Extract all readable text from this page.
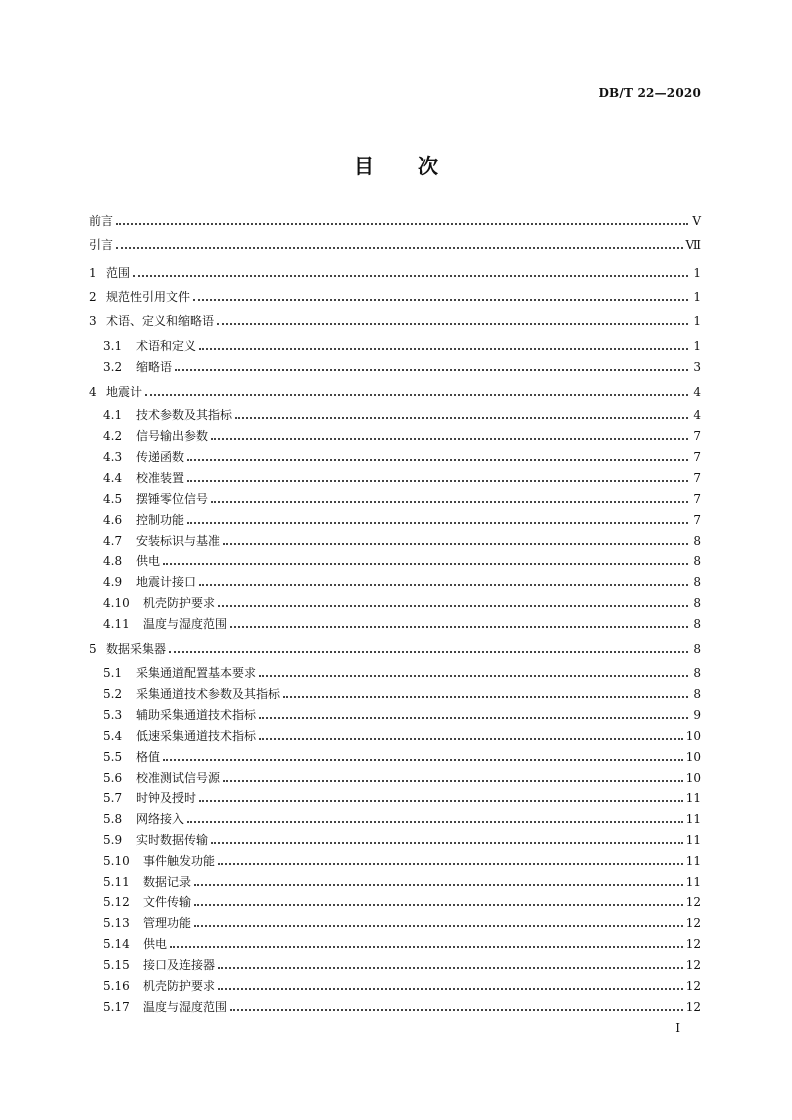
DB/T 22—2020
目 次
前言	Ⅴ
引言	Ⅶ
1 范围	1
2 规范性引用文件	1
3 术语、定义和缩略语	1
3.1	术语和定义	1
3.2	缩略语	3
4 地震计	4
4.1	技术参数及其指标	4
4.2	信号输出参数	7
4.3	传递函数	7
4.4	校准装置	7
4.5	摆锤零位信号	7
4.6	控制功能	7
4.7	安装标识与基准	8
4.8	供电	8
4.9	地震计接口	8
4.10	机壳防护要求	8
4.11	温度与湿度范围	8
5 数据采集器	8
5.1	采集通道配置基本要求	8
5.2	采集通道技术参数及其指标	8
5.3	辅助采集通道技术指标	9
5.4	低速采集通道技术指标	10
5.5	格值	10
5.6	校准测试信号源	10
5.7	时钟及授时	11
5.8	网络接入	11
5.9	实时数据传输	11
5.10	事件触发功能	11
5.11	数据记录	11
5.12	文件传输	12
5.13	管理功能	12
5.14	供电	12
5.15	接口及连接器	12
5.16	机壳防护要求	12
5.17	温度与湿度范围	12
I
